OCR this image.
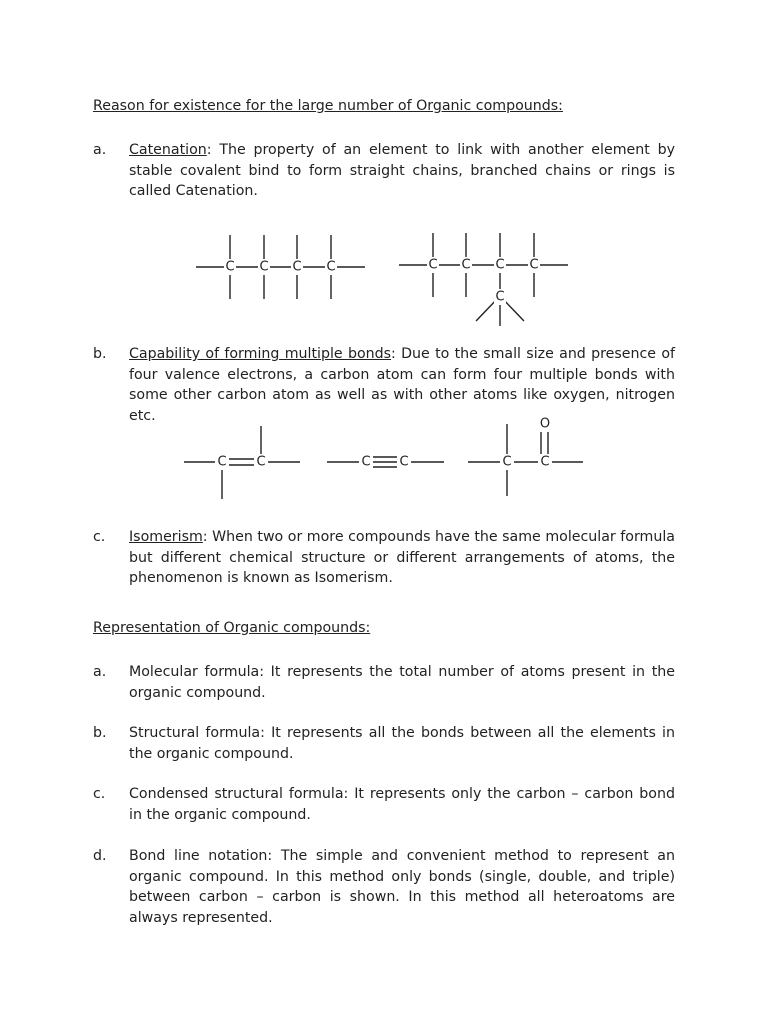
Reason for existence for the large number of Organic compounds:
a. Catenation: The property of an element to link with another element by stable covalent bind to form straight chains, branched chains or rings is called Catenation.
C C C C	C C C C
C
b. Capability of forming multiple bonds: Due to the small size and presence of four valence electrons, a carbon atom can form four multiple bonds with some other carbon atom as well as with other atoms like oxygen, nitrogen etc.
C C	C C	C C
O
c. Isomerism: When two or more compounds have the same molecular formula but different chemical structure or different arrangements of atoms, the phenomenon is known as Isomerism.
Representation of Organic compounds:
a. Molecular formula: It represents the total number of atoms present in the organic compound.
b. Structural formula: It represents all the bonds between all the elements in the organic compound.
c. Condensed structural formula: It represents only the carbon – carbon bond in the organic compound.
d. Bond line notation: The simple and convenient method to represent an organic compound. In this method only bonds (single, double, and triple) between carbon – carbon is shown. In this method all heteroatoms are always represented.
